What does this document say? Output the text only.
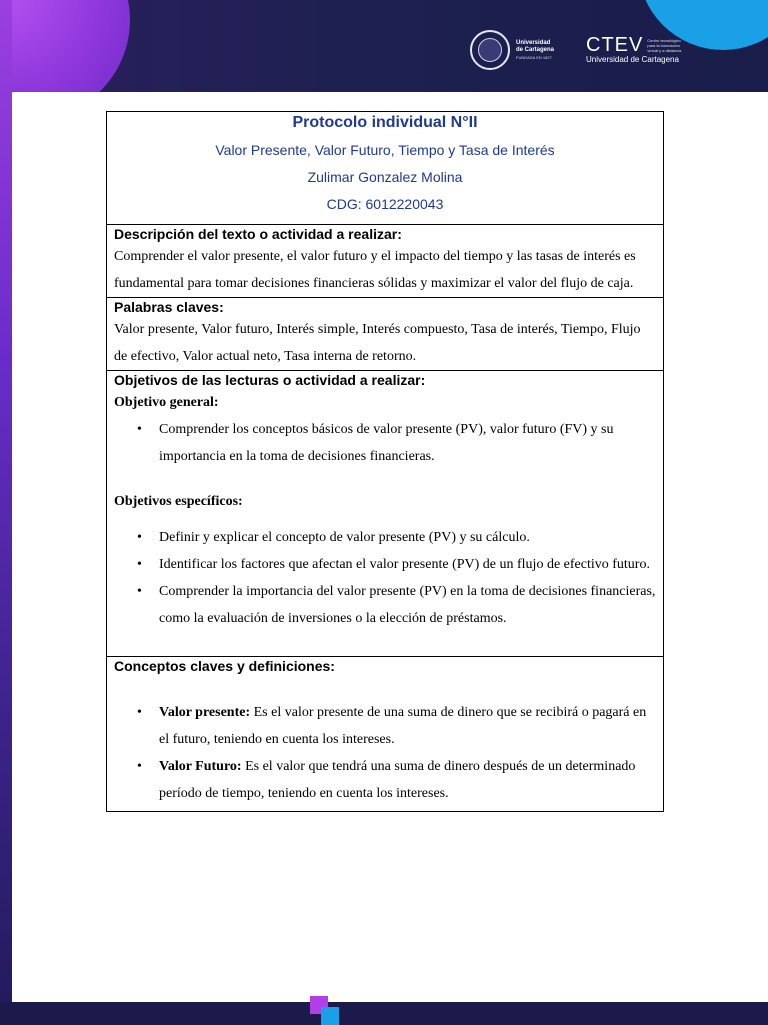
Universidad
de Cartagena
FUNDADA EN 1827
CTEV Centro tecnológico para la innovación virtual y a distancia
Universidad de Cartagena
Protocolo individual N°II
Valor Presente, Valor Futuro, Tiempo y Tasa de Interés
Zulimar Gonzalez Molina
CDG: 6012220043

Descripción del texto o actividad a realizar:
Comprender el valor presente, el valor futuro y el impacto del tiempo y las tasas de interés es fundamental para tomar decisiones financieras sólidas y maximizar el valor del flujo de caja.

Palabras claves:
Valor presente, Valor futuro, Interés simple, Interés compuesto, Tasa de interés, Tiempo, Flujo de efectivo, Valor actual neto, Tasa interna de retorno.

Objetivos de las lecturas o actividad a realizar:
Objetivo general:
• Comprender los conceptos básicos de valor presente (PV), valor futuro (FV) y su importancia en la toma de decisiones financieras.
Objetivos específicos:
• Definir y explicar el concepto de valor presente (PV) y su cálculo.
• Identificar los factores que afectan el valor presente (PV) de un flujo de efectivo futuro.
• Comprender la importancia del valor presente (PV) en la toma de decisiones financieras, como la evaluación de inversiones o la elección de préstamos.

Conceptos claves y definiciones:
• Valor presente: Es el valor presente de una suma de dinero que se recibirá o pagará en el futuro, teniendo en cuenta los intereses.
• Valor Futuro: Es el valor que tendrá una suma de dinero después de un determinado período de tiempo, teniendo en cuenta los intereses.
